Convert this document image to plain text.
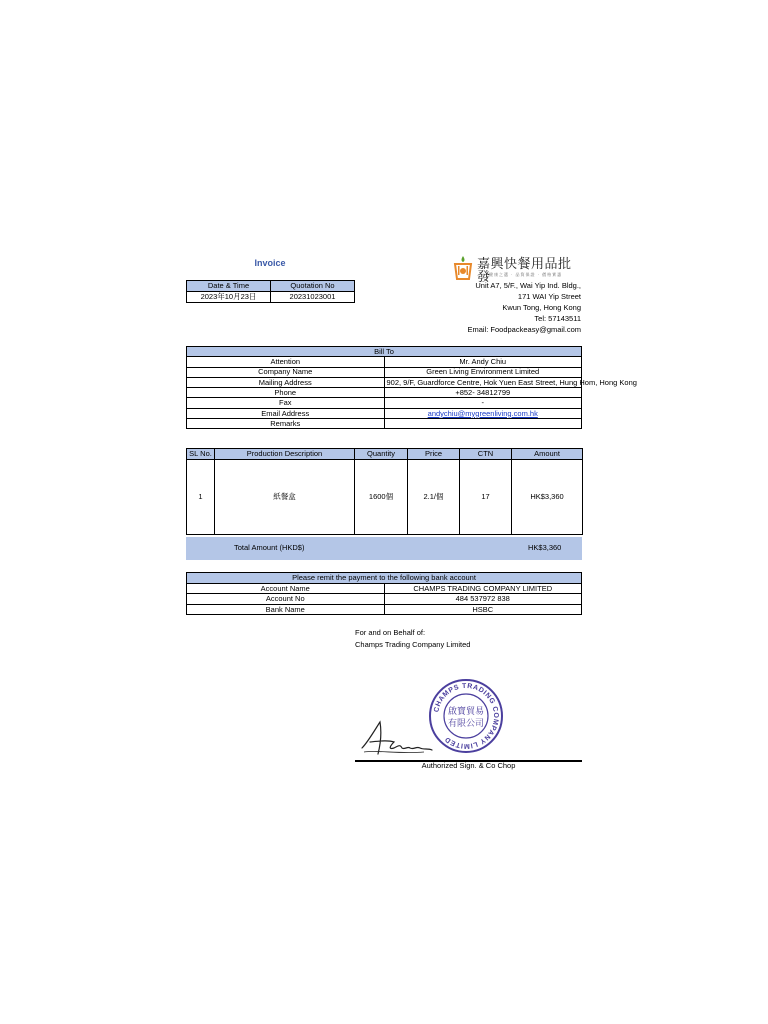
Invoice
Date & Time	Quotation No
2023年10月23日	20231023001
嘉興快餐用品批發
健康之選 · 品質保證 · 價格實惠
Unit A7, 5/F., Wai Yip Ind. Bldg.,
171 WAI Yip Street
Kwun Tong, Hong Kong
Tel: 57143511
Email: Foodpackeasy@gmail.com
Bill To	
Attention	Mr. Andy Chiu
Company Name	Green Living Environment Limited
Mailing Address	902, 9/F, Guardforce Centre, Hok Yuen East Street, Hung Hom, Hong Kong
Phone	+852- 34812799
Fax	-
Email Address	andychiu@mygreenliving.com.hk
Remarks	
SL No.	Production Description	Quantity	Price	CTN	Amount
1	紙餐盒	1600個	2.1/個	17	HK$3,360
Total Amount (HKD$)	HK$3,360
Please remit the payment to the following bank account	
Account Name	CHAMPS TRADING COMPANY LIMITED
Account No	484 537972 838
Bank Name	HSBC
For and on Behalf of:
Champs Trading Company Limited
CHAMPS TRADING COMPANY LIMITED
啟寶貿易
有限公司
Authorized Sign. & Co Chop
